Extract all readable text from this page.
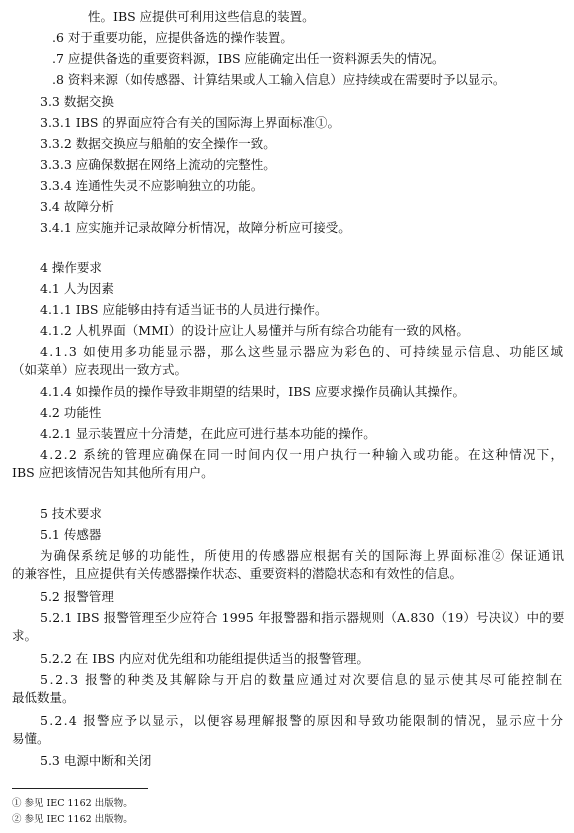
性。IBS 应提供可利用这些信息的装置。
.6 对于重要功能，应提供备选的操作装置。
.7 应提供备选的重要资料源，IBS 应能确定出任一资料源丢失的情况。
.8 资料来源（如传感器、计算结果或人工输入信息）应持续或在需要时予以显示。
3.3 数据交换
3.3.1 IBS 的界面应符合有关的国际海上界面标准①。
3.3.2 数据交换应与船舶的安全操作一致。
3.3.3 应确保数据在网络上流动的完整性。
3.3.4 连通性失灵不应影响独立的功能。
3.4 故障分析
3.4.1 应实施并记录故障分析情况，故障分析应可接受。
4 操作要求
4.1 人为因素
4.1.1 IBS 应能够由持有适当证书的人员进行操作。
4.1.2 人机界面（MMI）的设计应让人易懂并与所有综合功能有一致的风格。
4.1.3 如使用多功能显示器，那么这些显示器应为彩色的、可持续显示信息、功能区域
（如菜单）应表现出一致方式。
4.1.4 如操作员的操作导致非期望的结果时，IBS 应要求操作员确认其操作。
4.2 功能性
4.2.1 显示装置应十分清楚，在此应可进行基本功能的操作。
4.2.2 系统的管理应确保在同一时间内仅一用户执行一种输入或功能。在这种情况下，
IBS 应把该情况告知其他所有用户。
5 技术要求
5.1 传感器
为确保系统足够的功能性，所使用的传感器应根据有关的国际海上界面标准② 保证通讯
的兼容性，且应提供有关传感器操作状态、重要资料的潜隐状态和有效性的信息。
5.2 报警管理
5.2.1 IBS 报警管理至少应符合 1995 年报警器和指示器规则（A.830（19）号决议）中的要
求。
5.2.2 在 IBS 内应对优先组和功能组提供适当的报警管理。
5.2.3 报警的种类及其解除与开启的数量应通过对次要信息的显示使其尽可能控制在
最低数量。
5.2.4 报警应予以显示，以便容易理解报警的原因和导致功能限制的情况，显示应十分
易懂。
5.3 电源中断和关闭
① 参见 IEC 1162 出版物。
② 参见 IEC 1162 出版物。
